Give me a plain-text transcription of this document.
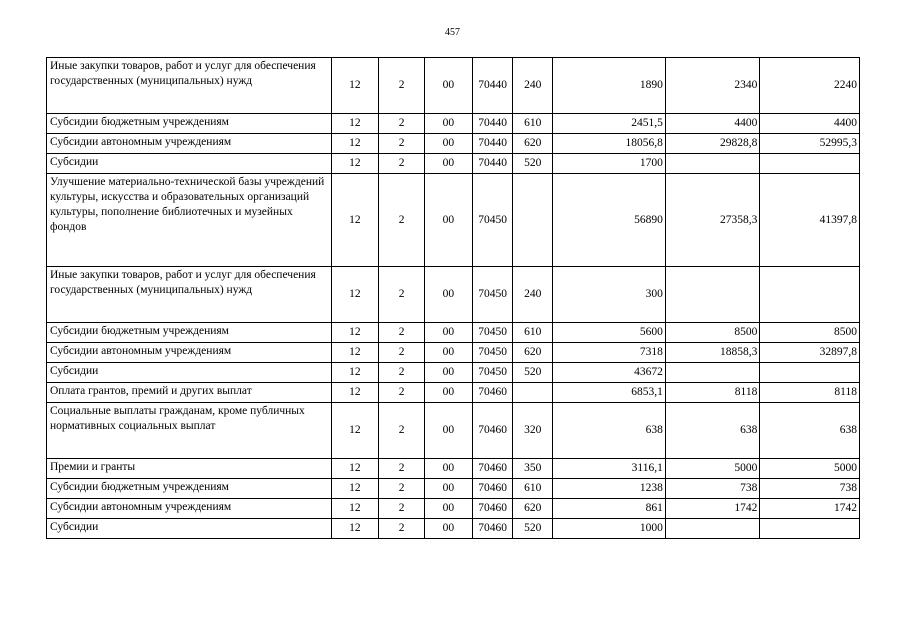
457
Иные закупки товаров, работ и услуг для обеспечения государственных (муниципальных) нужд	12	2	00	70440	240	1890	2340	2240
Субсидии бюджетным учреждениям	12	2	00	70440	610	2451,5	4400	4400
Субсидии автономным учреждениям	12	2	00	70440	620	18056,8	29828,8	52995,3
Субсидии	12	2	00	70440	520	1700		
Улучшение материально-технической базы учреждений культуры, искусства и образовательных организаций культуры, пополнение библиотечных и музейных фондов	12	2	00	70450		56890	27358,3	41397,8
Иные закупки товаров, работ и услуг для обеспечения государственных (муниципальных) нужд	12	2	00	70450	240	300		
Субсидии бюджетным учреждениям	12	2	00	70450	610	5600	8500	8500
Субсидии автономным учреждениям	12	2	00	70450	620	7318	18858,3	32897,8
Субсидии	12	2	00	70450	520	43672		
Оплата грантов, премий и других выплат	12	2	00	70460		6853,1	8118	8118
Социальные выплаты гражданам, кроме публичных нормативных социальных выплат	12	2	00	70460	320	638	638	638
Премии и гранты	12	2	00	70460	350	3116,1	5000	5000
Субсидии бюджетным учреждениям	12	2	00	70460	610	1238	738	738
Субсидии автономным учреждениям	12	2	00	70460	620	861	1742	1742
Субсидии	12	2	00	70460	520	1000		
